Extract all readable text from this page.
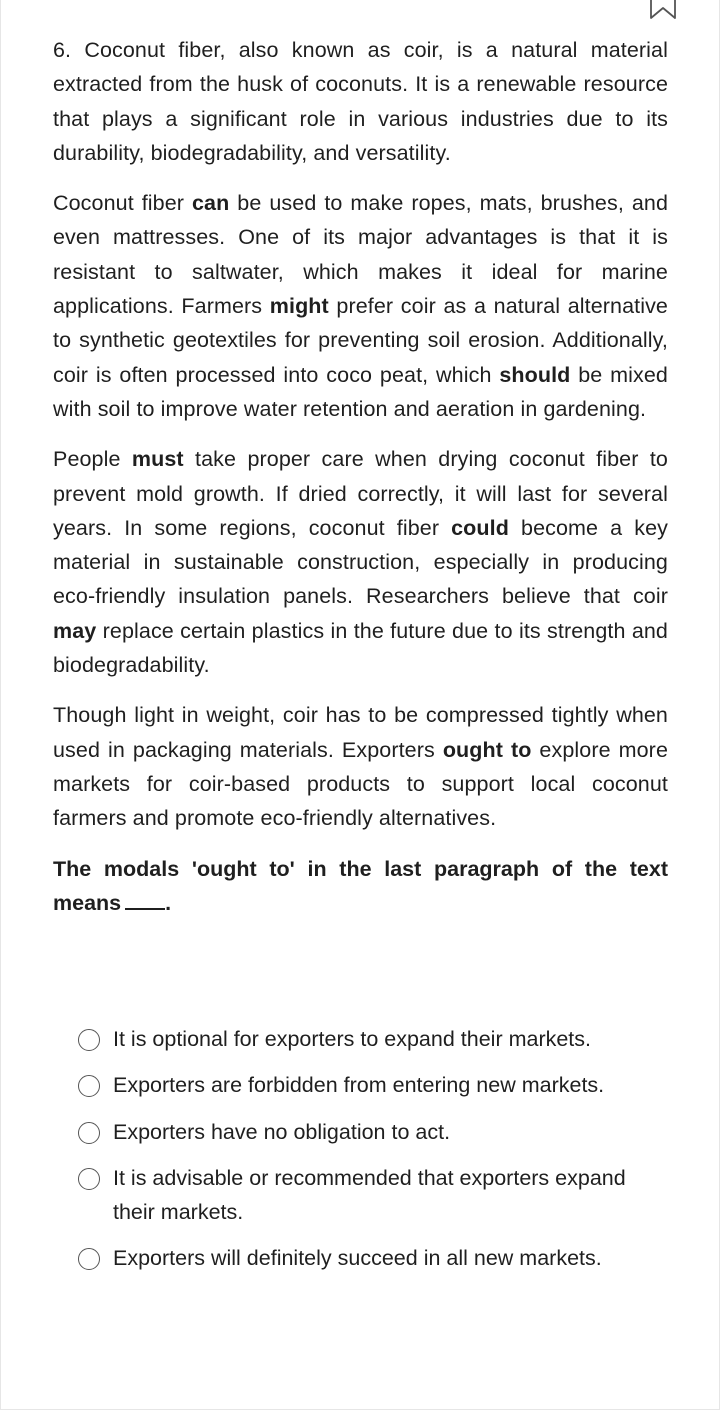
6. Coconut fiber, also known as coir, is a natural material extracted from the husk of coconuts. It is a renewable resource that plays a significant role in various industries due to its durability, biodegradability, and versatility.

Coconut fiber can be used to make ropes, mats, brushes, and even mattresses. One of its major advantages is that it is resistant to saltwater, which makes it ideal for marine applications. Farmers might prefer coir as a natural alternative to synthetic geotextiles for preventing soil erosion. Additionally, coir is often processed into coco peat, which should be mixed with soil to improve water retention and aeration in gardening.

People must take proper care when drying coconut fiber to prevent mold growth. If dried correctly, it will last for several years. In some regions, coconut fiber could become a key material in sustainable construction, especially in producing eco-friendly insulation panels. Researchers believe that coir may replace certain plastics in the future due to its strength and biodegradability.

Though light in weight, coir has to be compressed tightly when used in packaging materials. Exporters ought to explore more markets for coir-based products to support local coconut farmers and promote eco-friendly alternatives.

The modals 'ought to' in the last paragraph of the text means .

It is optional for exporters to expand their markets.
Exporters are forbidden from entering new markets.
Exporters have no obligation to act.
It is advisable or recommended that exporters expand their markets.
Exporters will definitely succeed in all new markets.
